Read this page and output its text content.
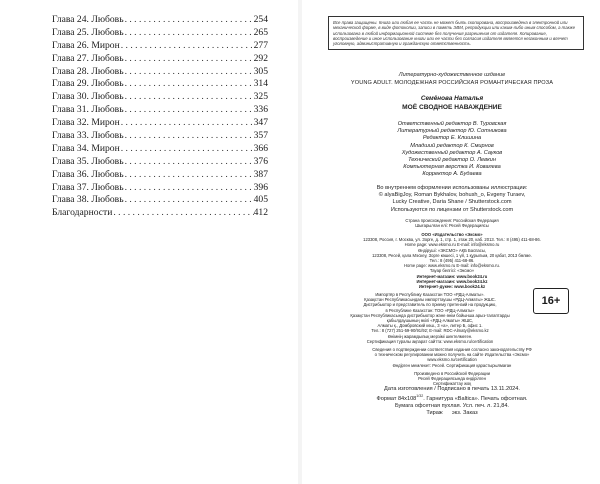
Глава 24. Любовь . . .	254
Глава 25. Любовь . . .	265
Глава 26. Мирон . . .	277
Глава 27. Любовь . . .	292
Глава 28. Любовь . . .	305
Глава 29. Любовь . . .	314
Глава 30. Любовь . . .	325
Глава 31. Любовь . . .	336
Глава 32. Мирон . . .	347
Глава 33. Любовь . . .	357
Глава 34. Мирон . . .	366
Глава 35. Любовь . . .	376
Глава 36. Любовь . . .	387
Глава 37. Любовь . . .	396
Глава 38. Любовь . . .	405
Благодарности . . .	412
Все права защищены. Книга или любая ее часть не может быть скопирована, воспроизведена в электронной или механической форме, в виде фотокопии, записи в память ЭВМ, репродукции или каким-либо иным способом, а также использована в любой информационной системе без получения разрешения от издателя. Копирование, воспроизведение и иное использование книги или ее части без согласия издателя является незаконным и влечет уголовную, административную и гражданскую ответственность.
Литературно-художественное издание
YOUNG ADULT. МОЛОДЕЖНАЯ РОССИЙСКАЯ РОМАНТИЧЕСКАЯ ПРОЗА
Семёнова Наталья
МОЁ СВОДНОЕ НАВАЖДЕНИЕ
Ответственный редактор В. Туровская
Литературный редактор Ю. Сотникова
Редактор Е. Клишина
Младший редактор К. Смирнов
Художественный редактор А. Сауков
Технический редактор О. Левкин
Компьютерная верстка И. Ковалева
Корректор А. Будаева
Во внутреннем оформлении использованы иллюстрации:
© alyaBigJoy, Roman Bykhalov, bohush_o, Evgeny Turaev,
Lucky Creative, Daria Shane / Shutterstock.com
Используются по лицензии от Shutterstock.com
Страна происхождения: Российская Федерация
Шығарылған елі: Ресей Федерациясы
ООО «Издательство «Эксмо»
123308, Россия, г. Москва, ул. Зорге, д. 1, стр. 1, этаж 20, каб. 2013. Тел.: 8 (495) 411-68-86.
Home page: www.eksmo.ru E-mail: info@eksmo.ru
Өндіруші: «ЭКСМО» АҚБ Баспасы,
123308, Ресей, қала Мәскеу, Зорге көшесі, 1 үй, 1 құрылым, 20 қабат, 2013 бөлме.
Тел.: 8 (495) 411-68-86.
Home page: www.eksmo.ru E-mail: info@eksmo.ru.
Тауар белгісі: «Эксмо»
Интернет-магазин: www.book24.ru
Интернет-магазин: www.book24.kz
Интернет-дүкен: www.book24.kz
16+
Импортёр в Республику Казахстан ТОО «РДЦ-Алматы».
Қазақстан Республикасындағы импорттаушы «РДЦ-Алматы» ЖШС.
Дистрибьютор и представитель по приему претензий на продукцию,
в Республике Казахстан: ТОО «РДЦ-Алматы»
Қазақстан Республикасында дистрибьютор және өнім бойынша арыз-талаптарды
қабылдаушының өкілі «РДЦ-Алматы» ЖШС,
Алматы қ., Домбровский көш., 3 «а», литер Б, офис 1.
Тел.: 8 (727) 251-59-90/91/92; E-mail: RDC-Almaty@eksmo.kz
Өнімнің жарамдылық мерзімі шектелмеген.
Сертификация туралы ақпарат сайтта: www.eksmo.ru/certification
Сведения о подтверждении соответствия издания согласно законодательству РФ
о техническом регулировании можно получить на сайте Издательства «Эксмо»
www.eksmo.ru/certification
Өндірген мемлекет: Ресей. Сертификация қарастырылмаған
Произведено в Российской Федерации
Ресей Федерациясында өндірілген
Сертификаттау жоқ
Дата изготовления / Подписано в печать 13.11.2024.
Формат $84x108^{1/32}$. Гарнитура «Baltica». Печать офсетная.
Бумага офсетная пухлая. Усл. печ. л. 21,84.
Тираж      экз. Заказ
